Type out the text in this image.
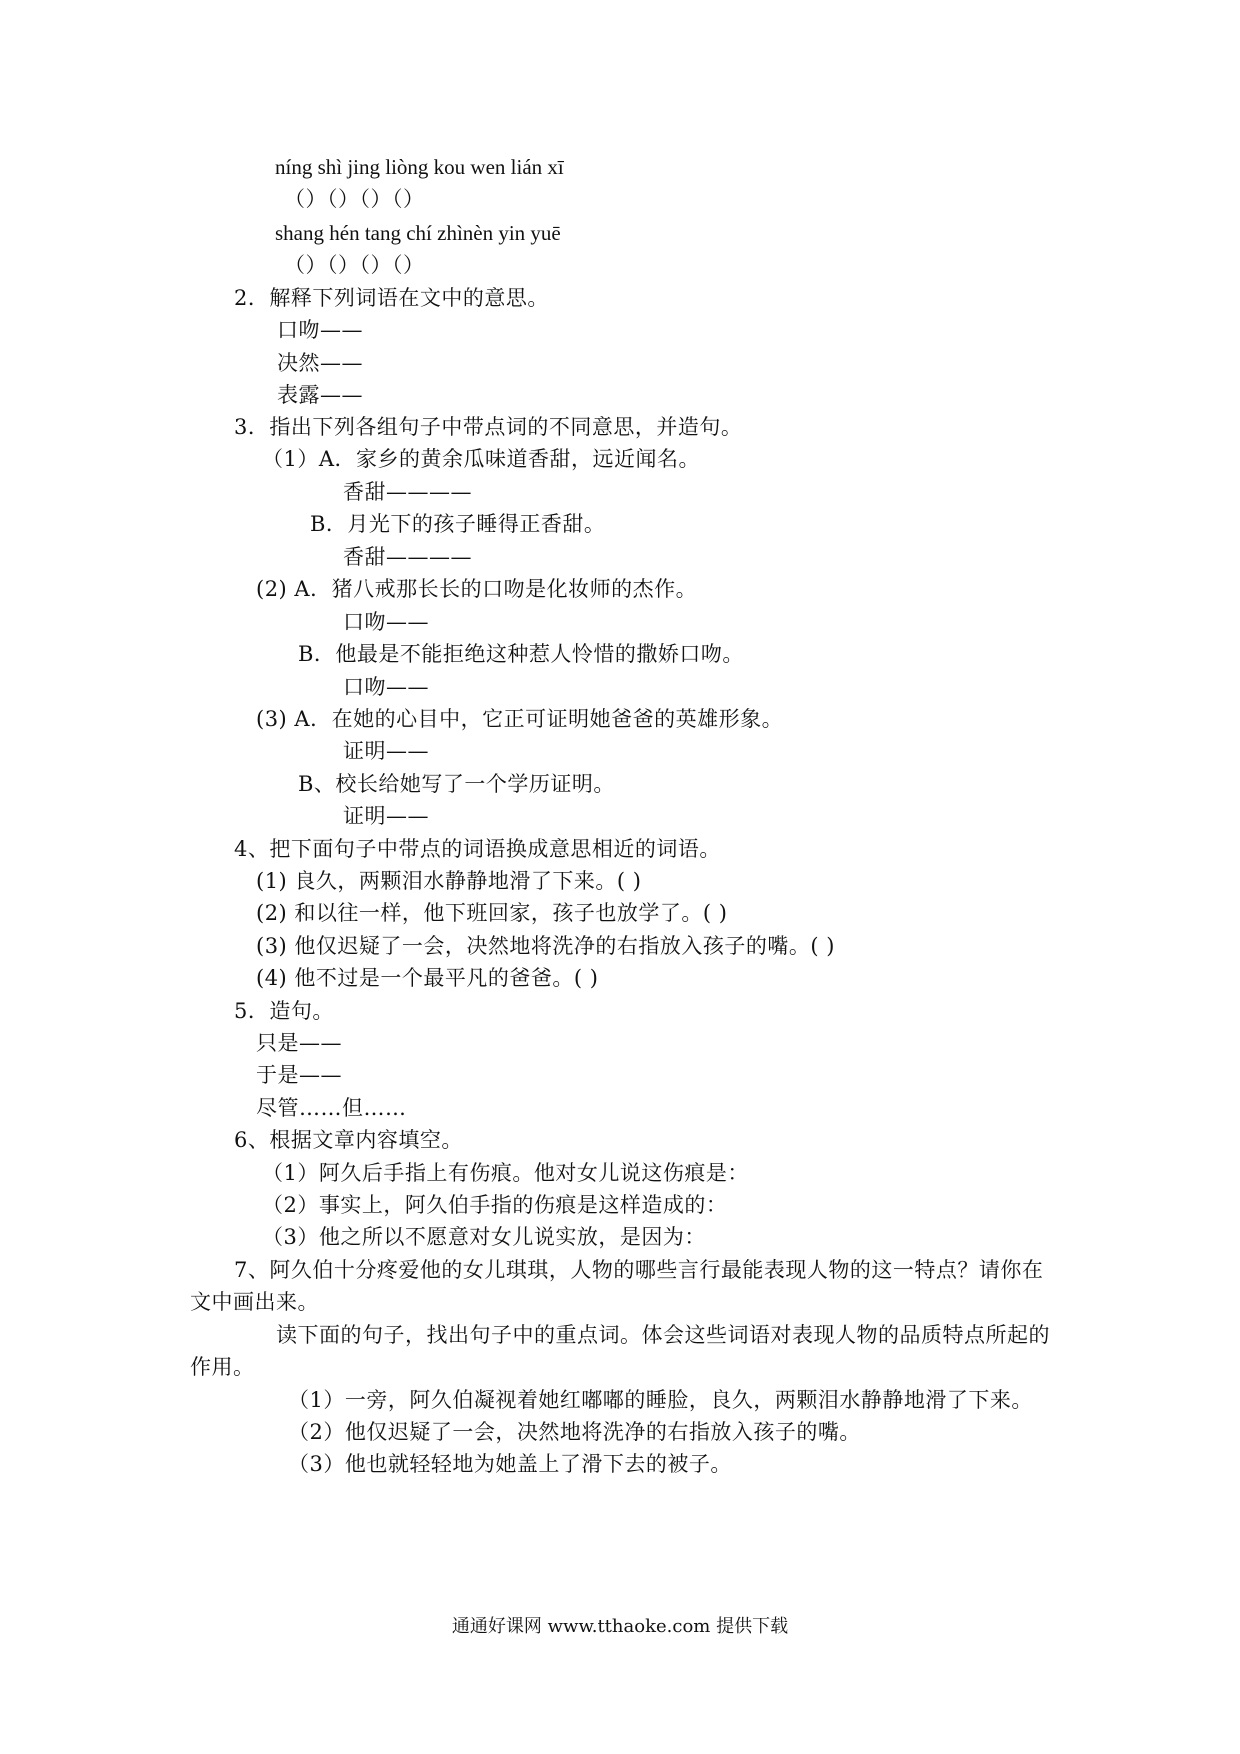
níng shì jing liòng kou wen lián xī
（）（）（）（）
shang hén tang chí zhìnèn yin yuē
（）（）（）（）
2．解释下列词语在文中的意思。
口吻——
决然——
表露——
3．指出下列各组句子中带点词的不同意思，并造句。
（1）A．家乡的黄余瓜味道香甜，远近闻名。
香甜————
B．月光下的孩子睡得正香甜。
香甜————
(2) A．猪八戒那长长的口吻是化妆师的杰作。
口吻——
B．他最是不能拒绝这种惹人怜惜的撒娇口吻。
口吻——
(3) A．在她的心目中，它正可证明她爸爸的英雄形象。
证明——
B、校长给她写了一个学历证明。
证明——
4、把下面句子中带点的词语换成意思相近的词语。
(1) 良久，两颗泪水静静地滑了下来。( )
(2) 和以往一样，他下班回家，孩子也放学了。( )
(3) 他仅迟疑了一会，决然地将洗净的右指放入孩子的嘴。( )
(4) 他不过是一个最平凡的爸爸。( )
5．造句。
只是——
于是——
尽管……但……
6、根据文章内容填空。
（1）阿久后手指上有伤痕。他对女儿说这伤痕是：
（2）事实上，阿久伯手指的伤痕是这样造成的：
（3）他之所以不愿意对女儿说实放，是因为：
7、阿久伯十分疼爱他的女儿琪琪，人物的哪些言行最能表现人物的这一特点？请你在
文中画出来。
读下面的句子，找出句子中的重点词。体会这些词语对表现人物的品质特点所起的
作用。
（1）一旁，阿久伯凝视着她红嘟嘟的睡脸，良久，两颗泪水静静地滑了下来。
（2）他仅迟疑了一会，决然地将洗净的右指放入孩子的嘴。
（3）他也就轻轻地为她盖上了滑下去的被子。
通通好课网 www.tthaoke.com 提供下载
